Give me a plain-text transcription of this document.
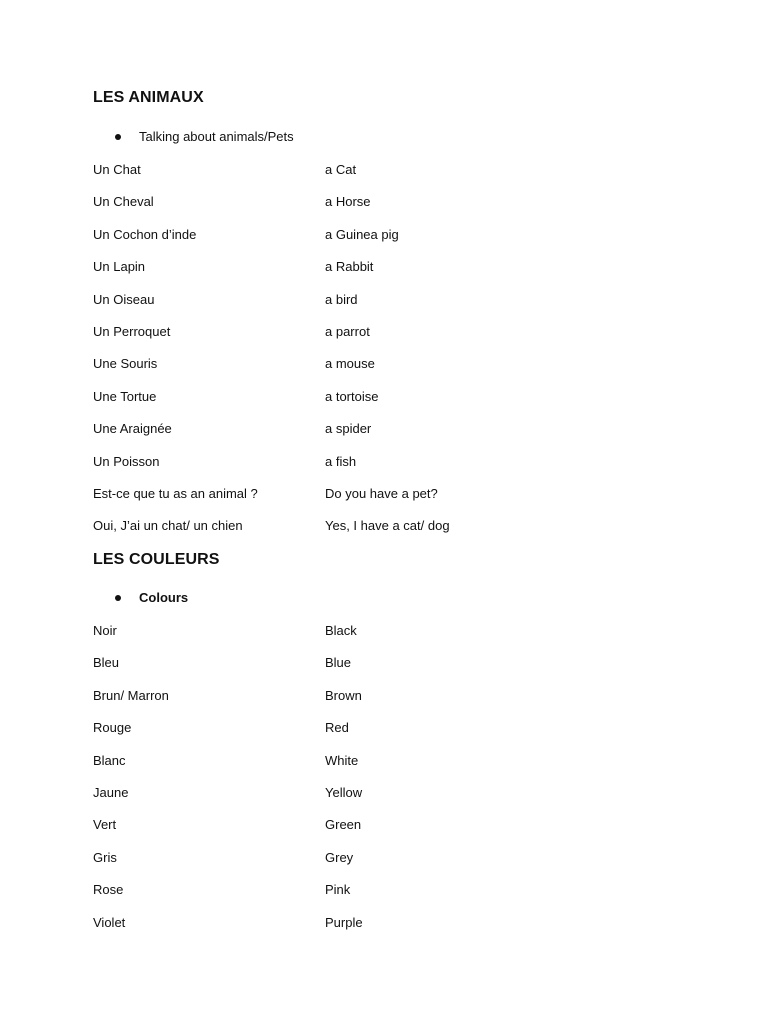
LES ANIMAUX
Talking about animals/Pets
Un Chat	a Cat
Un Cheval	a Horse
Un Cochon d’inde	a Guinea pig
Un Lapin	a Rabbit
Un Oiseau	a bird
Un Perroquet	a parrot
Une Souris	a mouse
Une Tortue	a tortoise
Une Araignée	a spider
Un Poisson	a fish
Est-ce que tu as an animal ?	Do you have a pet?
Oui, J’ai un chat/ un chien	Yes, I have a cat/ dog
LES COULEURS
Colours
Noir	Black
Bleu	Blue
Brun/ Marron	Brown
Rouge	Red
Blanc	White
Jaune	Yellow
Vert	Green
Gris	Grey
Rose	Pink
Violet	Purple
